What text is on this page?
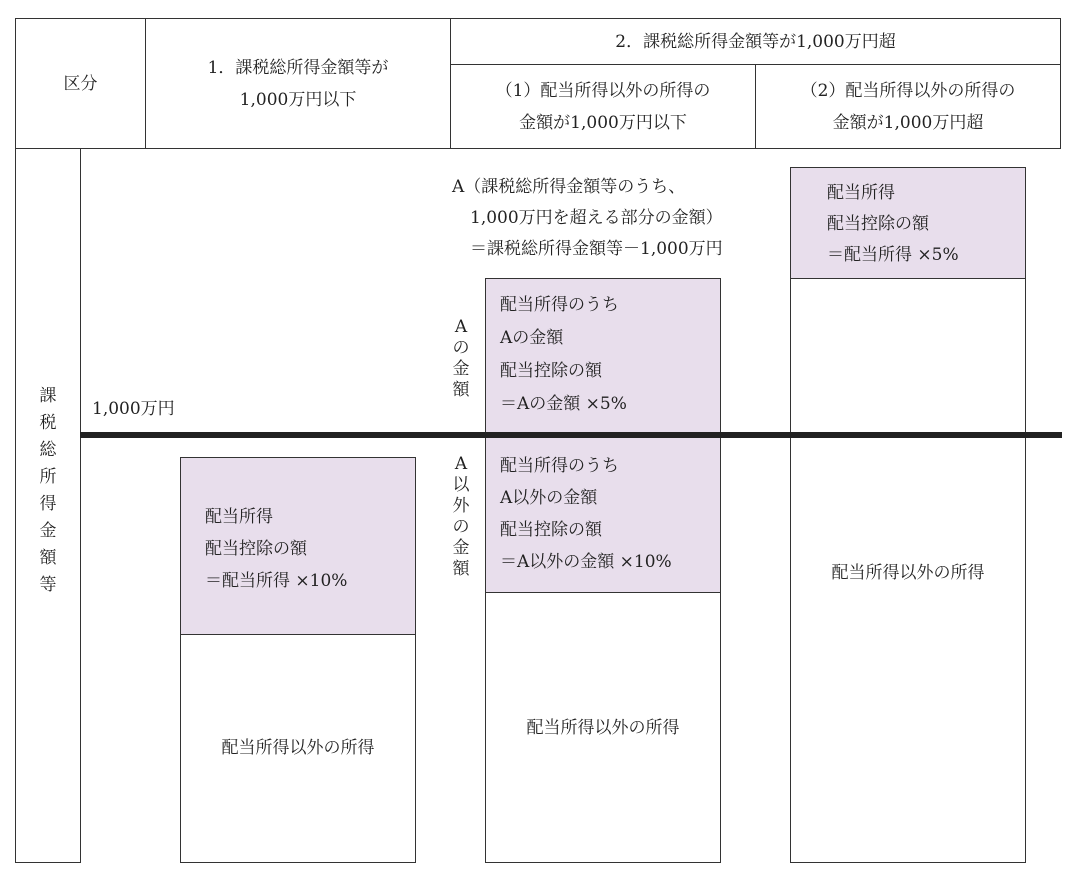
区分
1．課税総所得金額等が
1,000万円以下
2．課税総所得金額等が1,000万円超
（1）配当所得以外の所得の
金額が1,000万円以下
（2）配当所得以外の所得の
金額が1,000万円超
課
税
総
所
得
金
額
等
1,000万円
配当所得
配当控除の額
＝配当所得 ×10%
配当所得以外の所得
A（課税総所得金額等のうち、
1,000万円を超える部分の金額）
＝課税総所得金額等－1,000万円
A
の
金
額
A
以
外
の
金
額
配当所得のうち
Aの金額
配当控除の額
＝Aの金額 ×5%
配当所得のうち
A以外の金額
配当控除の額
＝A以外の金額 ×10%
配当所得以外の所得
配当所得
配当控除の額
＝配当所得 ×5%
配当所得以外の所得
